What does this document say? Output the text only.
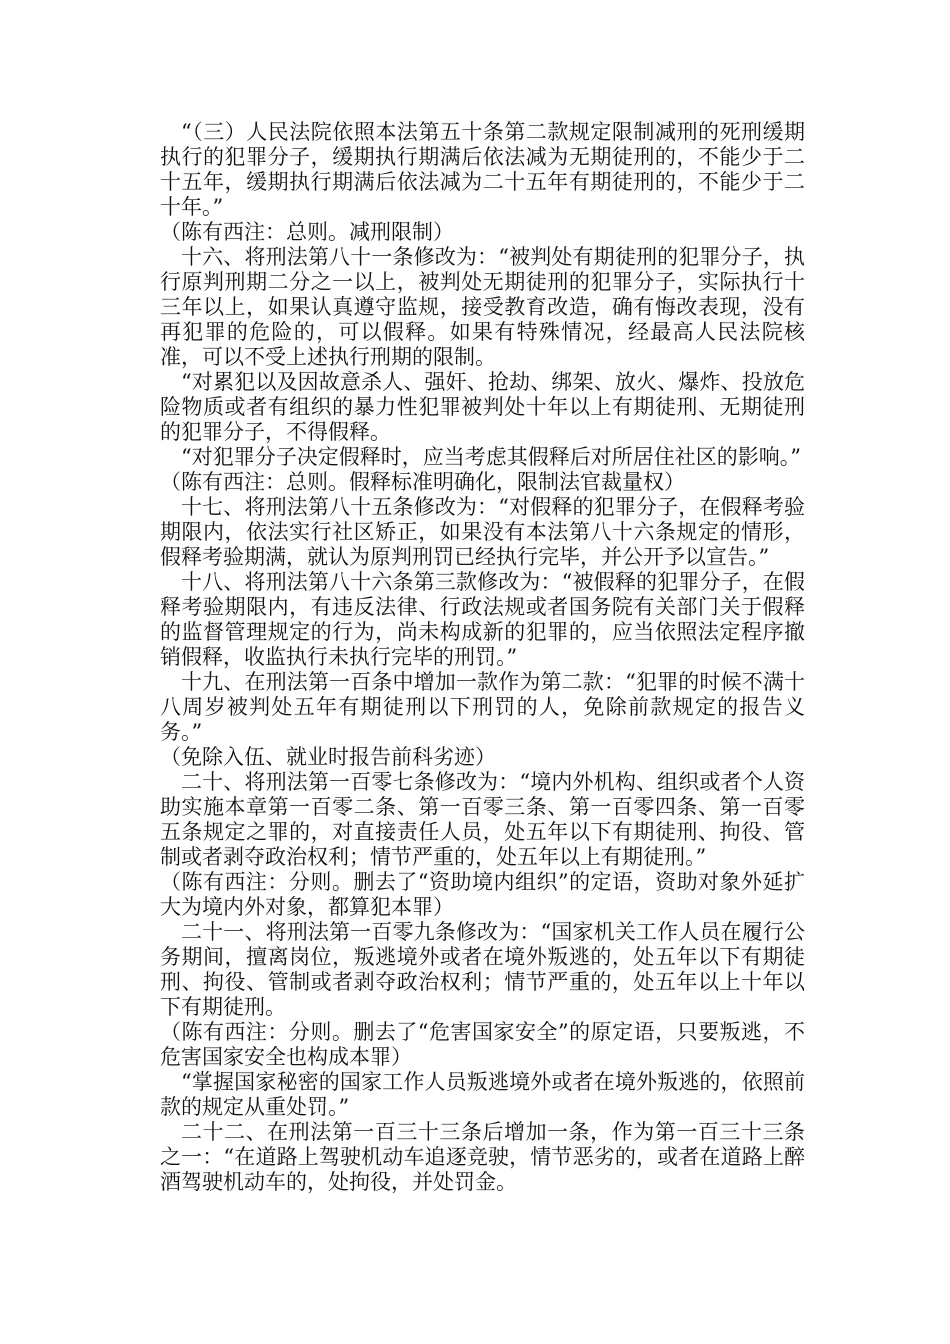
“（三）人民法院依照本法第五十条第二款规定限制减刑的死刑缓期执行的犯罪分子，缓期执行期满后依法减为无期徒刑的，不能少于二十五年，缓期执行期满后依法减为二十五年有期徒刑的，不能少于二十年。”

（陈有西注：总则。减刑限制）

十六、将刑法第八十一条修改为：“被判处有期徒刑的犯罪分子，执行原判刑期二分之一以上，被判处无期徒刑的犯罪分子，实际执行十三年以上，如果认真遵守监规，接受教育改造，确有悔改表现，没有再犯罪的危险的，可以假释。如果有特殊情况，经最高人民法院核准，可以不受上述执行刑期的限制。

“对累犯以及因故意杀人、强奸、抢劫、绑架、放火、爆炸、投放危险物质或者有组织的暴力性犯罪被判处十年以上有期徒刑、无期徒刑的犯罪分子，不得假释。

“对犯罪分子决定假释时，应当考虑其假释后对所居住社区的影响。”

（陈有西注：总则。假释标准明确化，限制法官裁量权）

十七、将刑法第八十五条修改为：“对假释的犯罪分子，在假释考验期限内，依法实行社区矫正，如果没有本法第八十六条规定的情形，假释考验期满，就认为原判刑罚已经执行完毕，并公开予以宣告。”

十八、将刑法第八十六条第三款修改为：“被假释的犯罪分子，在假释考验期限内，有违反法律、行政法规或者国务院有关部门关于假释的监督管理规定的行为，尚未构成新的犯罪的，应当依照法定程序撤销假释，收监执行未执行完毕的刑罚。”

十九、在刑法第一百条中增加一款作为第二款：“犯罪的时候不满十八周岁被判处五年有期徒刑以下刑罚的人，免除前款规定的报告义务。”

（免除入伍、就业时报告前科劣迹）

二十、将刑法第一百零七条修改为：“境内外机构、组织或者个人资助实施本章第一百零二条、第一百零三条、第一百零四条、第一百零五条规定之罪的，对直接责任人员，处五年以下有期徒刑、拘役、管制或者剥夺政治权利；情节严重的，处五年以上有期徒刑。”

（陈有西注：分则。删去了“资助境内组织”的定语，资助对象外延扩大为境内外对象，都算犯本罪）

二十一、将刑法第一百零九条修改为：“国家机关工作人员在履行公务期间，擅离岗位，叛逃境外或者在境外叛逃的，处五年以下有期徒刑、拘役、管制或者剥夺政治权利；情节严重的，处五年以上十年以下有期徒刑。

（陈有西注：分则。删去了“危害国家安全”的原定语，只要叛逃，不危害国家安全也构成本罪）

“掌握国家秘密的国家工作人员叛逃境外或者在境外叛逃的，依照前款的规定从重处罚。”

二十二、在刑法第一百三十三条后增加一条，作为第一百三十三条之一：“在道路上驾驶机动车追逐竞驶，情节恶劣的，或者在道路上醉酒驾驶机动车的，处拘役，并处罚金。
